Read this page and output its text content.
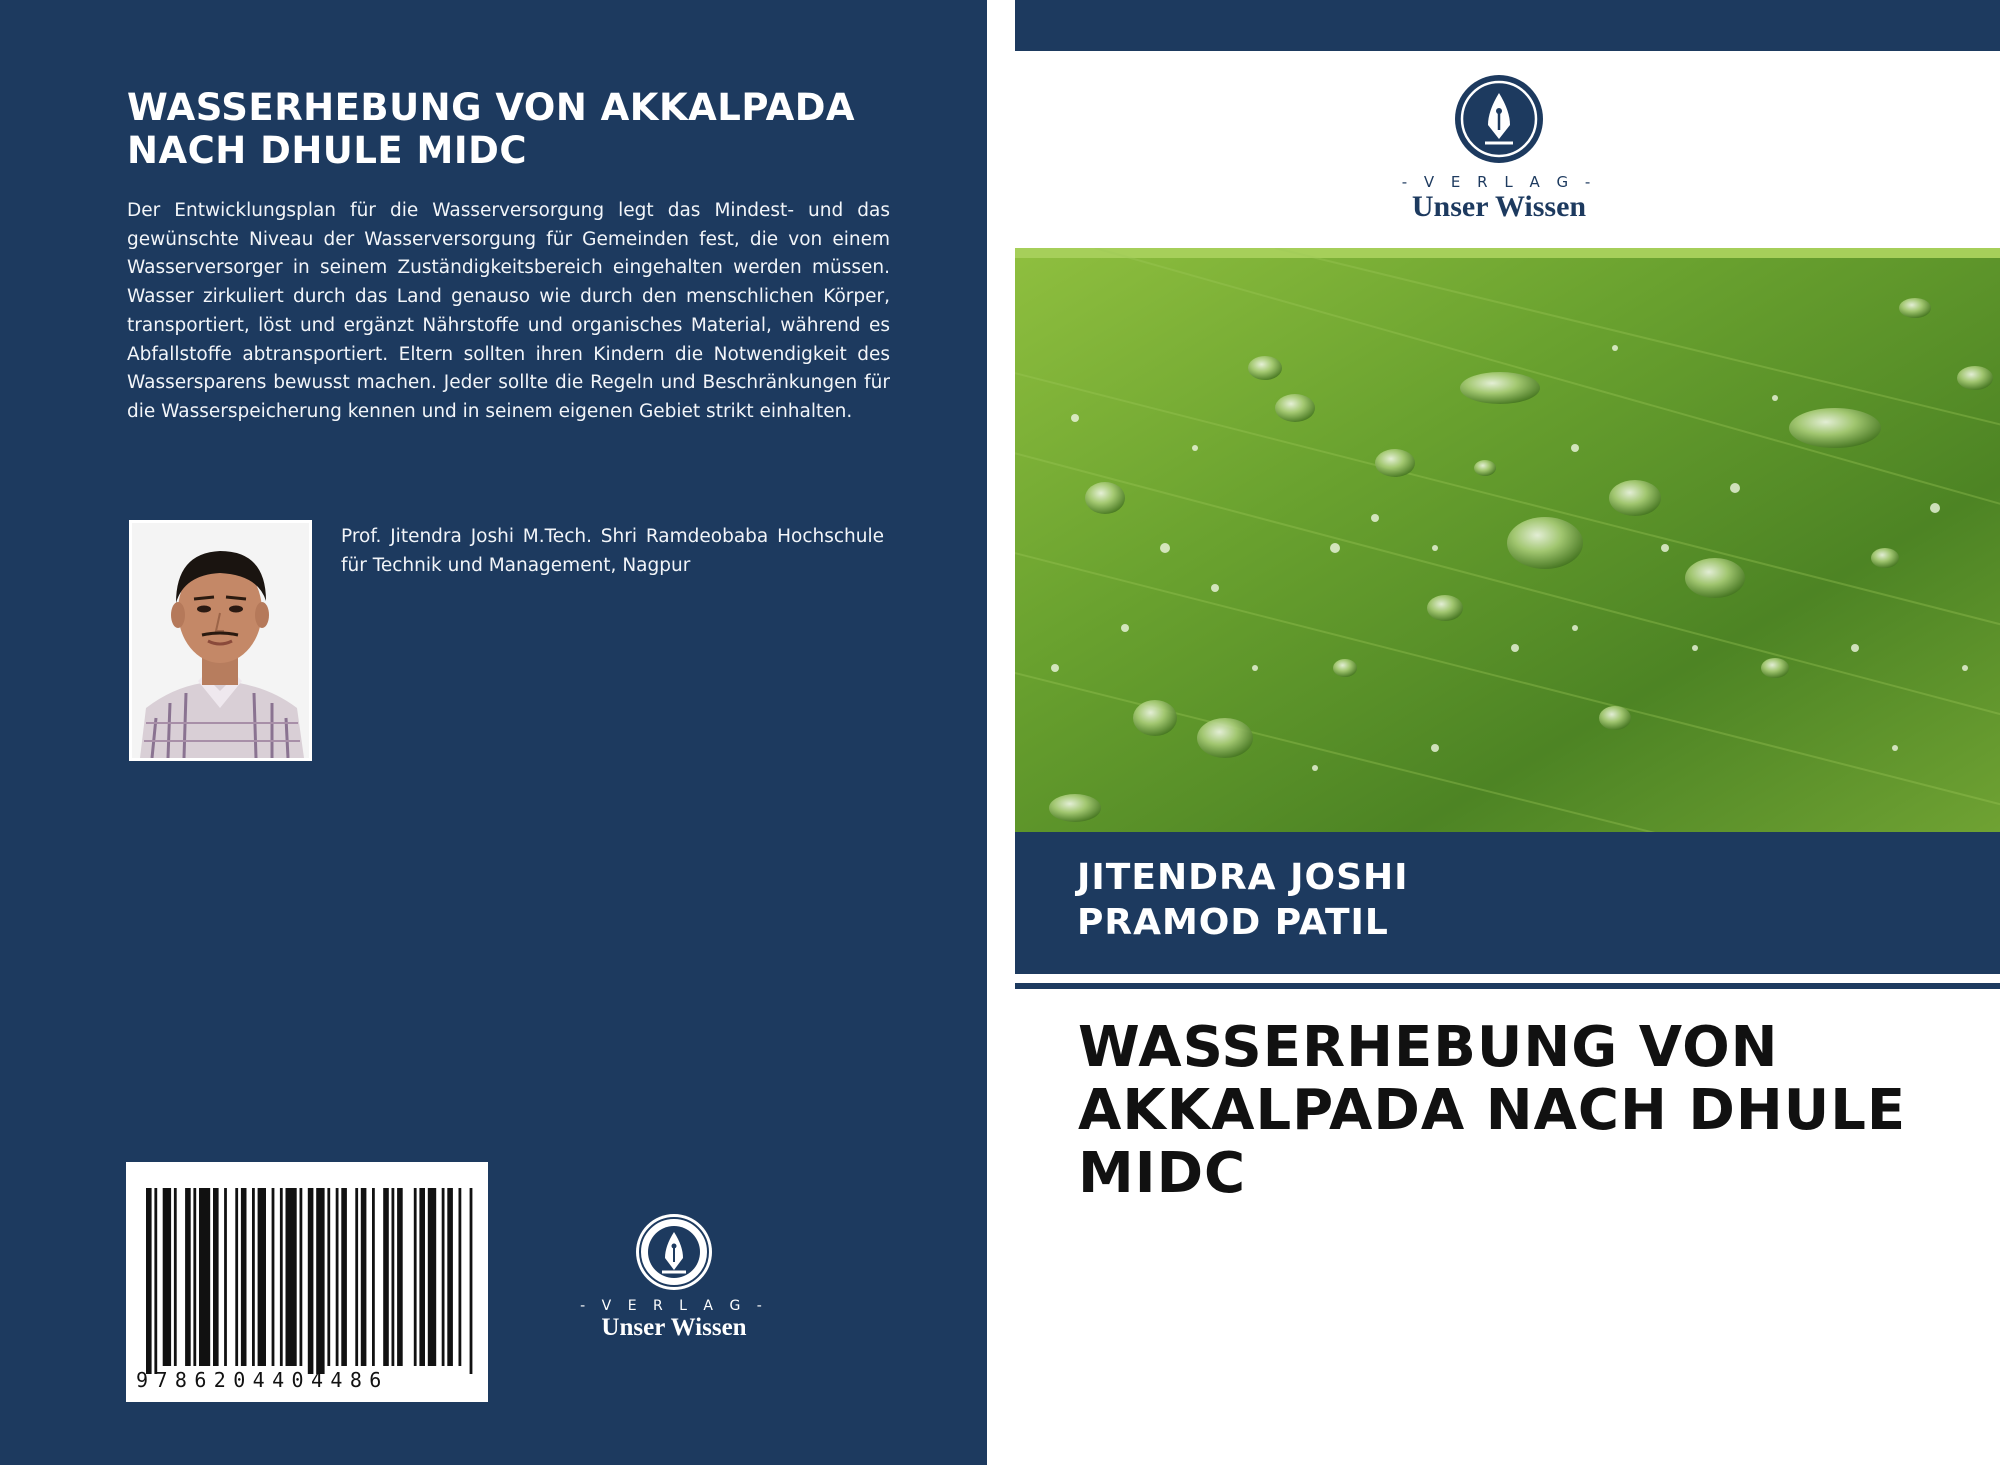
WASSERHEBUNG VON AKKALPADA
NACH DHULE MIDC
Der Entwicklungsplan für die Wasserversorgung legt das Mindest- und das gewünschte Niveau der Wasserversorgung für Gemeinden fest, die von einem Wasserversorger in seinem Zuständigkeitsbereich eingehalten werden müssen. Wasser zirkuliert durch das Land genauso wie durch den menschlichen Körper, transportiert, löst und ergänzt Nährstoffe und organisches Material, während es Abfallstoffe abtransportiert. Eltern sollten ihren Kindern die Notwendigkeit des Wassersparens bewusst machen. Jeder sollte die Regeln und Beschränkungen für die Wasserspeicherung kennen und in seinem eigenen Gebiet strikt einhalten.
Prof. Jitendra Joshi M.Tech. Shri Ramdeobaba Hochschule für Technik und Management, Nagpur
9786204404486
- V E R L A G -
Unser Wissen
- V E R L A G -
Unser Wissen
JITENDRA JOSHI
PRAMOD PATIL
WASSERHEBUNG VON
AKKALPADA NACH DHULE
MIDC
